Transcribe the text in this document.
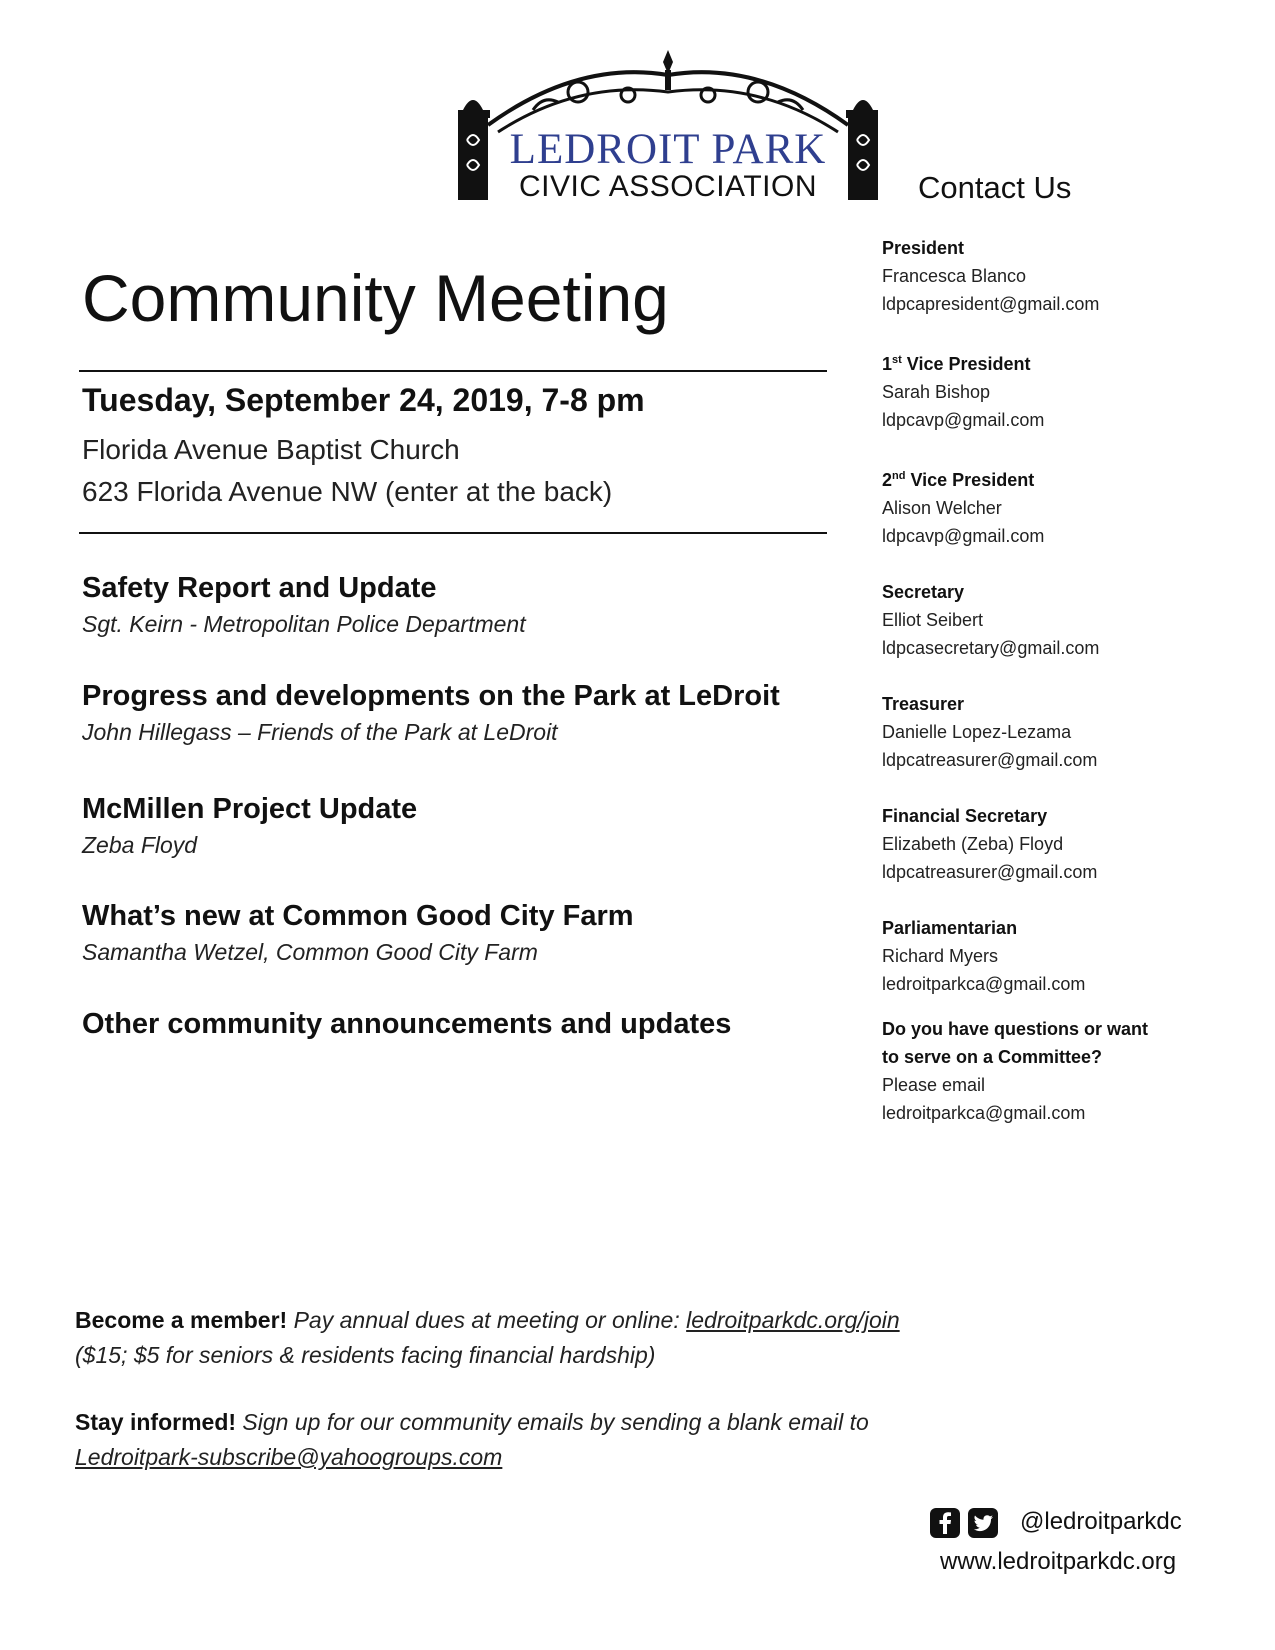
LEDROIT PARK
CIVIC ASSOCIATION	Contact Us
Community Meeting
Tuesday, September 24, 2019, 7-8 pm
Florida Avenue Baptist Church
623 Florida Avenue NW (enter at the back)
Safety Report and Update
Sgt. Keirn - Metropolitan Police Department
Progress and developments on the Park at LeDroit
John Hillegass – Friends of the Park at LeDroit
McMillen Project Update
Zeba Floyd
What’s new at Common Good City Farm
Samantha Wetzel, Common Good City Farm
Other community announcements and updates
President
Francesca Blanco
ldpcapresident@gmail.com
1st Vice President
Sarah Bishop
ldpcavp@gmail.com
2nd Vice President
Alison Welcher
ldpcavp@gmail.com
Secretary
Elliot Seibert
ldpcasecretary@gmail.com
Treasurer
Danielle Lopez-Lezama
ldpcatreasurer@gmail.com
Financial Secretary
Elizabeth (Zeba) Floyd
ldpcatreasurer@gmail.com
Parliamentarian
Richard Myers
ledroitparkca@gmail.com
Do you have questions or want to serve on a Committee? Please email
ledroitparkca@gmail.com
Become a member! Pay annual dues at meeting or online: ledroitparkdc.org/join
($15; $5 for seniors & residents facing financial hardship)
Stay informed! Sign up for our community emails by sending a blank email to
Ledroitpark-subscribe@yahoogroups.com
@ledroitparkdc
www.ledroitparkdc.org
